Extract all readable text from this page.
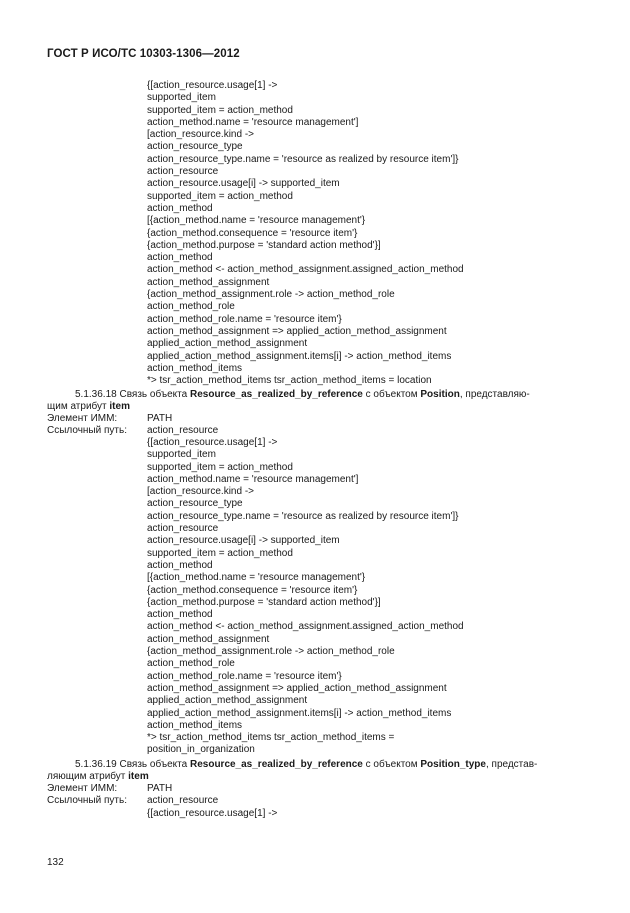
ГОСТ Р ИСО/ТС 10303-1306—2012
{[action_resource.usage[1] ->
supported_item
supported_item = action_method
action_method.name = 'resource management']
[action_resource.kind ->
action_resource_type
action_resource_type.name = 'resource as realized by resource item']}
action_resource
action_resource.usage[i] -> supported_item
supported_item = action_method
action_method
[{action_method.name = 'resource management'}
{action_method.consequence = 'resource item'}
{action_method.purpose = 'standard action method'}]
action_method
action_method <- action_method_assignment.assigned_action_method
action_method_assignment
{action_method_assignment.role -> action_method_role
action_method_role
action_method_role.name = 'resource item'}
action_method_assignment => applied_action_method_assignment
applied_action_method_assignment
applied_action_method_assignment.items[i] -> action_method_items
action_method_items
*> tsr_action_method_items tsr_action_method_items = location
5.1.36.18 Связь объекта Resource_as_realized_by_reference с объектом Position, представляю-
щим атрибут item
Элемент ИММ:	PATH
Ссылочный путь: action_resource
{[action_resource.usage[1] ->
supported_item
supported_item = action_method
action_method.name = 'resource management']
[action_resource.kind ->
action_resource_type
action_resource_type.name = 'resource as realized by resource item']}
action_resource
action_resource.usage[i] -> supported_item
supported_item = action_method
action_method
[{action_method.name = 'resource management'}
{action_method.consequence = 'resource item'}
{action_method.purpose = 'standard action method'}]
action_method
action_method <- action_method_assignment.assigned_action_method
action_method_assignment
{action_method_assignment.role -> action_method_role
action_method_role
action_method_role.name = 'resource item'}
action_method_assignment => applied_action_method_assignment
applied_action_method_assignment
applied_action_method_assignment.items[i] -> action_method_items
action_method_items
*> tsr_action_method_items tsr_action_method_items =
position_in_organization
5.1.36.19 Связь объекта Resource_as_realized_by_reference с объектом Position_type, представ-
ляющим атрибут item
Элемент ИММ:	PATH
Ссылочный путь: action_resource
{[action_resource.usage[1] ->
132
